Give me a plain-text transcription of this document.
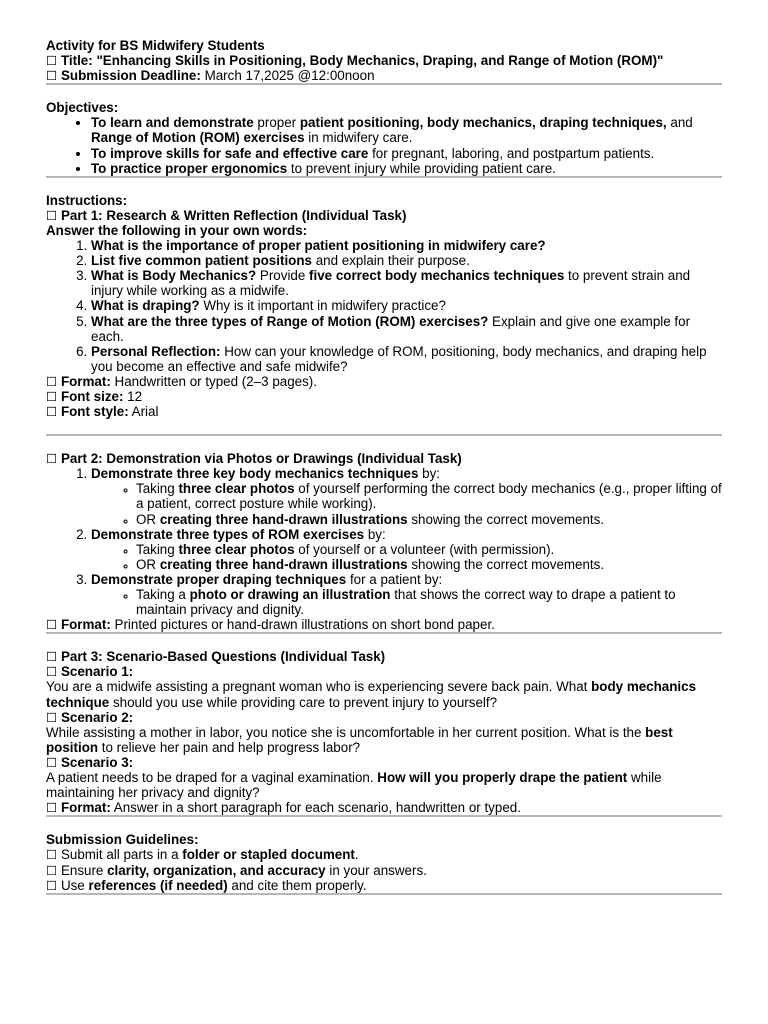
Activity for BS Midwifery Students

☐ Title: "Enhancing Skills in Positioning, Body Mechanics, Draping, and Range of Motion (ROM)"

☐ Submission Deadline: March 17,2025 @12:00noon

Objectives:

• To learn and demonstrate proper patient positioning, body mechanics, draping techniques, and Range of Motion (ROM) exercises in midwifery care.
• To improve skills for safe and effective care for pregnant, laboring, and postpartum patients.
• To practice proper ergonomics to prevent injury while providing patient care.

Instructions:

☐ Part 1: Research & Written Reflection (Individual Task)

Answer the following in your own words:

1. What is the importance of proper patient positioning in midwifery care?
2. List five common patient positions and explain their purpose.
3. What is Body Mechanics? Provide five correct body mechanics techniques to prevent strain and injury while working as a midwife.
4. What is draping? Why is it important in midwifery practice?
5. What are the three types of Range of Motion (ROM) exercises? Explain and give one example for each.
6. Personal Reflection: How can your knowledge of ROM, positioning, body mechanics, and draping help you become an effective and safe midwife?

☐ Format: Handwritten or typed (2–3 pages).

☐ Font size: 12

☐ Font style: Arial

☐ Part 2: Demonstration via Photos or Drawings (Individual Task)

1. Demonstrate three key body mechanics techniques by:
◦ Taking three clear photos of yourself performing the correct body mechanics (e.g., proper lifting of a patient, correct posture while working).
◦ OR creating three hand-drawn illustrations showing the correct movements.
2. Demonstrate three types of ROM exercises by:
◦ Taking three clear photos of yourself or a volunteer (with permission).
◦ OR creating three hand-drawn illustrations showing the correct movements.
3. Demonstrate proper draping techniques for a patient by:
◦ Taking a photo or drawing an illustration that shows the correct way to drape a patient to maintain privacy and dignity.

☐ Format: Printed pictures or hand-drawn illustrations on short bond paper.

☐ Part 3: Scenario-Based Questions (Individual Task)

☐ Scenario 1:

You are a midwife assisting a pregnant woman who is experiencing severe back pain. What body mechanics technique should you use while providing care to prevent injury to yourself?

☐ Scenario 2:

While assisting a mother in labor, you notice she is uncomfortable in her current position. What is the best position to relieve her pain and help progress labor?

☐ Scenario 3:

A patient needs to be draped for a vaginal examination. How will you properly drape the patient while maintaining her privacy and dignity?

☐ Format: Answer in a short paragraph for each scenario, handwritten or typed.

Submission Guidelines:

☐ Submit all parts in a folder or stapled document.

☐ Ensure clarity, organization, and accuracy in your answers.

☐ Use references (if needed) and cite them properly.
